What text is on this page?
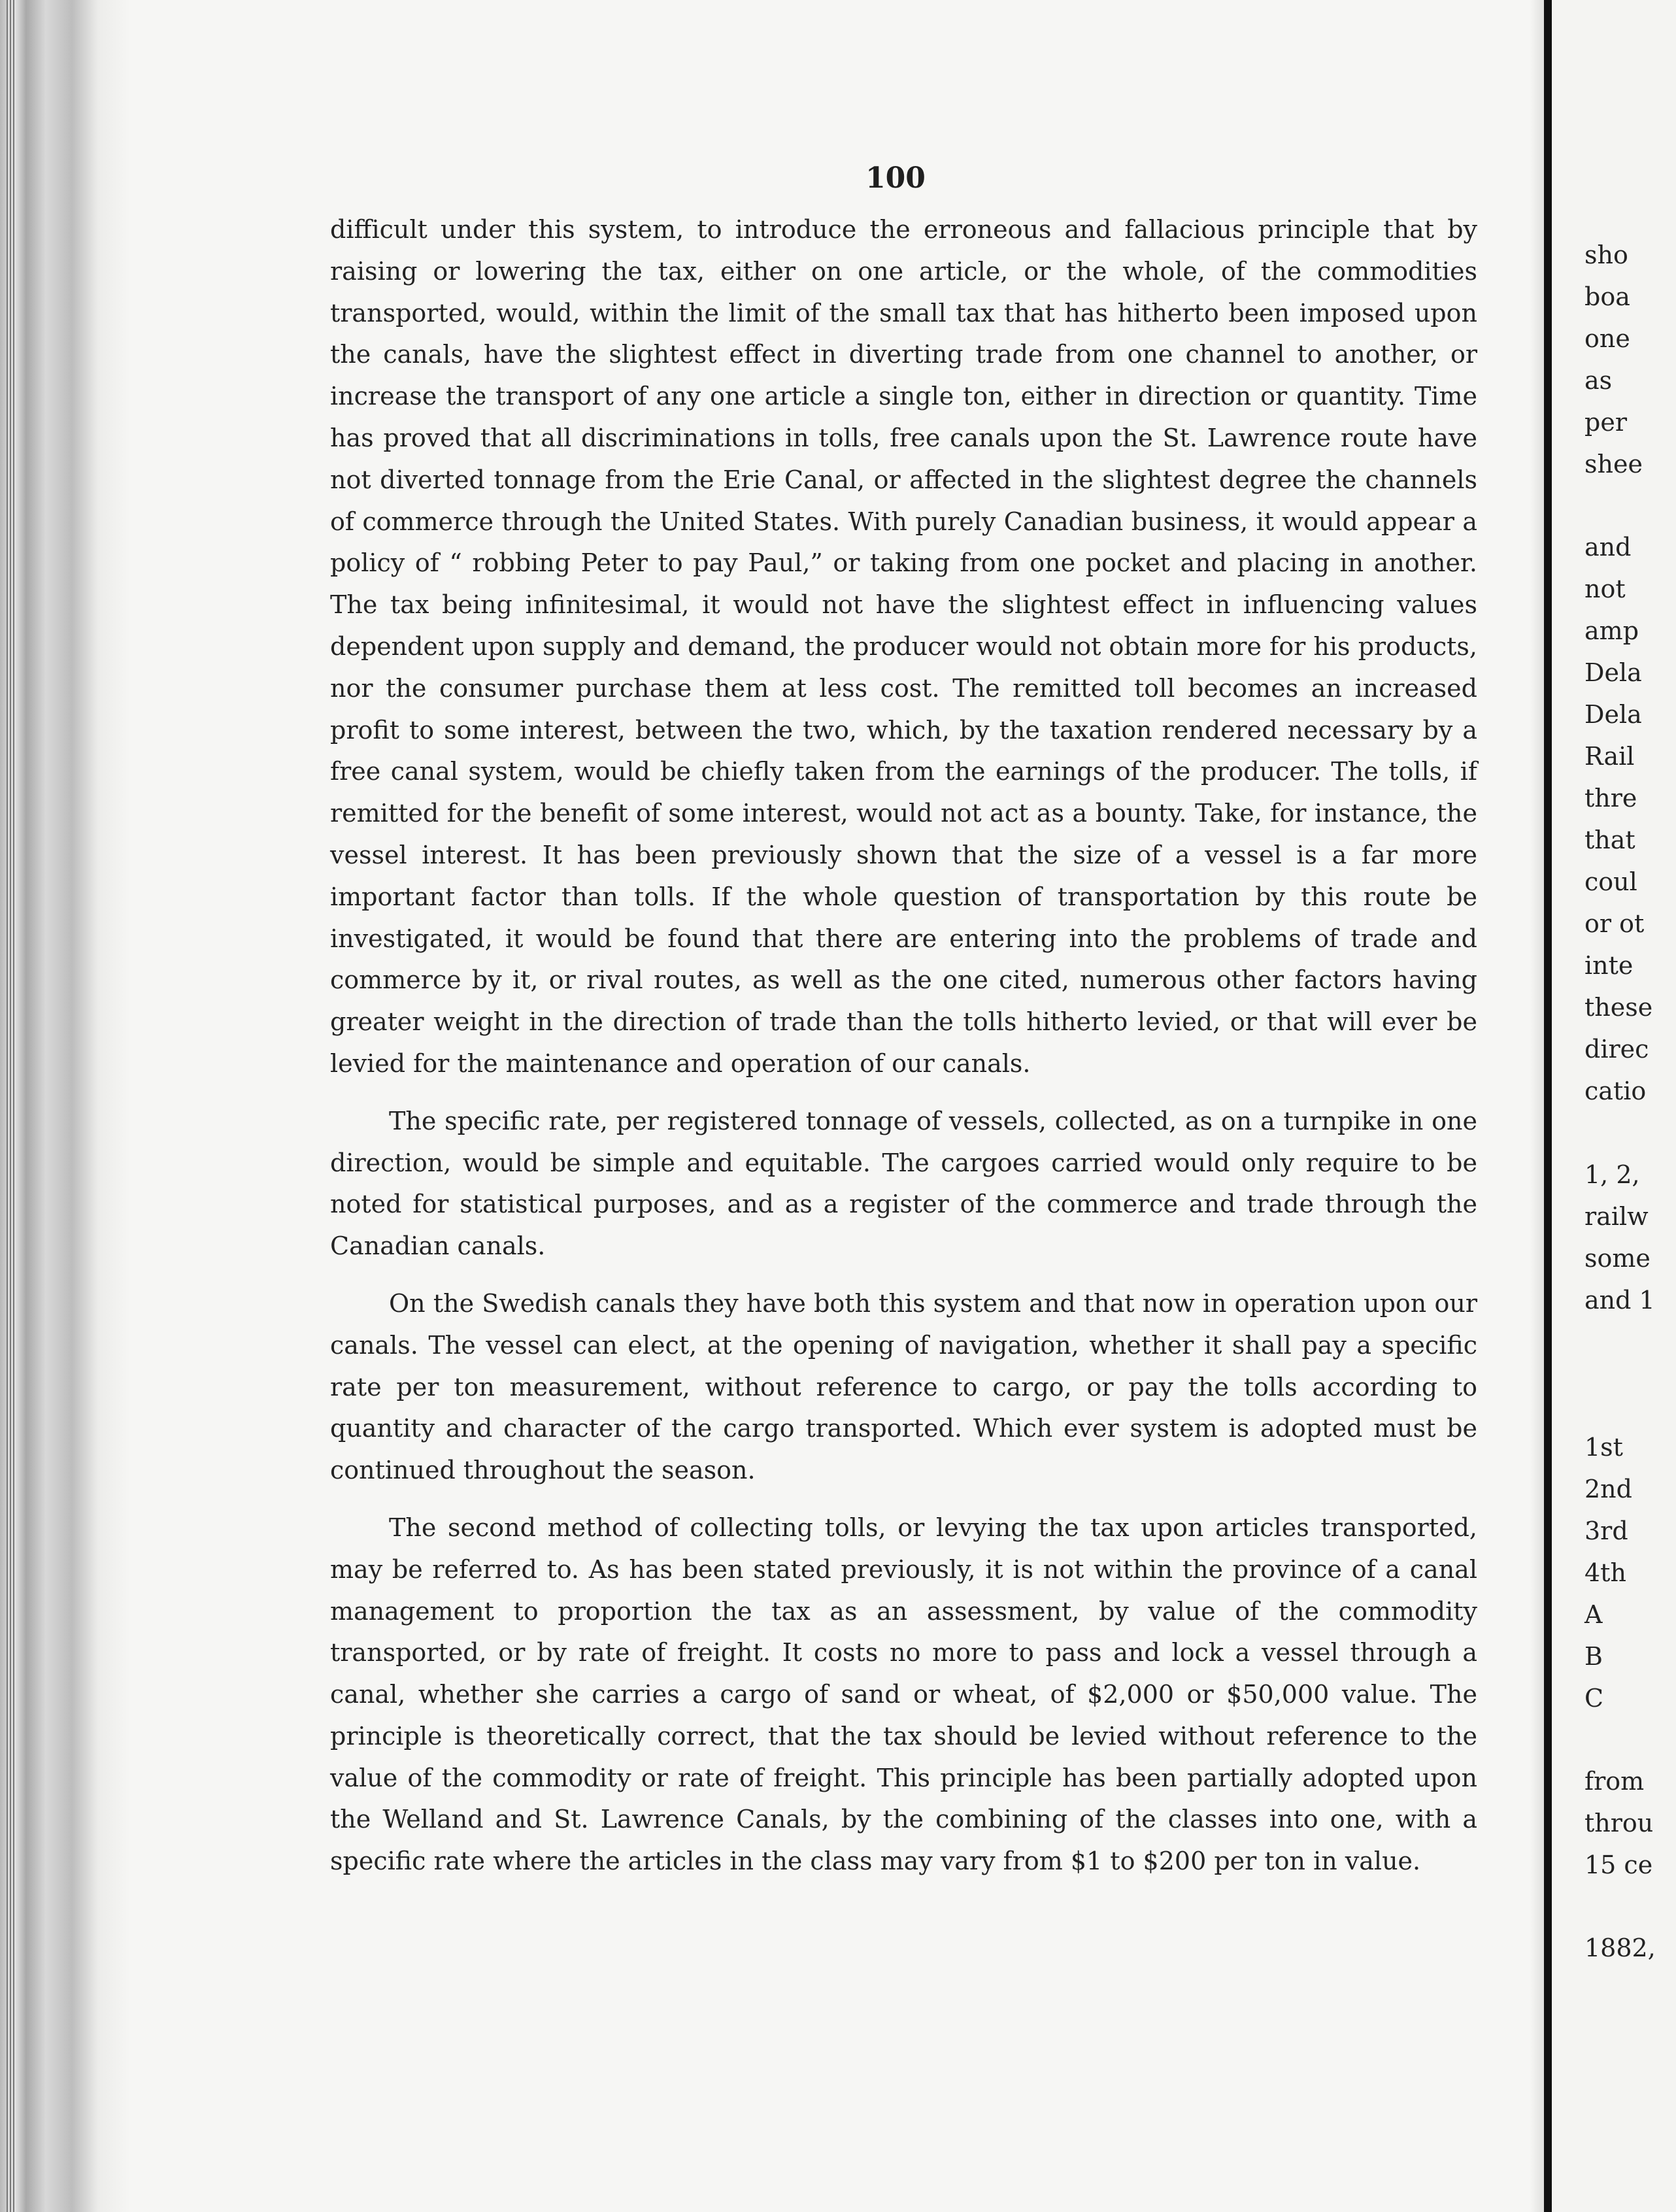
100

difficult under this system, to introduce the erroneous and fallacious principle that by raising or lowering the tax, either on one article, or the whole, of the commodities transported, would, within the limit of the small tax that has hitherto been imposed upon the canals, have the slightest effect in diverting trade from one channel to another, or increase the transport of any one article a single ton, either in direction or quantity. Time has proved that all discriminations in tolls, free canals upon the St. Lawrence route have not diverted tonnage from the Erie Canal, or affected in the slightest degree the channels of commerce through the United States. With purely Canadian business, it would appear a policy of “ robbing Peter to pay Paul,” or taking from one pocket and placing in another. The tax being infinitesimal, it would not have the slightest effect in influencing values dependent upon supply and demand, the producer would not obtain more for his products, nor the consumer purchase them at less cost. The remitted toll becomes an increased profit to some interest, between the two, which, by the taxation rendered necessary by a free canal system, would be chiefly taken from the earnings of the producer. The tolls, if remitted for the benefit of some interest, would not act as a bounty. Take, for instance, the vessel interest. It has been previously shown that the size of a vessel is a far more important factor than tolls. If the whole question of transportation by this route be investigated, it would be found that there are entering into the problems of trade and commerce by it, or rival routes, as well as the one cited, numerous other factors having greater weight in the direction of trade than the tolls hitherto levied, or that will ever be levied for the maintenance and operation of our canals.

The specific rate, per registered tonnage of vessels, collected, as on a turnpike in one direction, would be simple and equitable. The cargoes carried would only require to be noted for statistical purposes, and as a register of the commerce and trade through the Canadian canals.

On the Swedish canals they have both this system and that now in operation upon our canals. The vessel can elect, at the opening of navigation, whether it shall pay a specific rate per ton measurement, without reference to cargo, or pay the tolls according to quantity and character of the cargo transported. Which ever system is adopted must be continued throughout the season.

The second method of collecting tolls, or levying the tax upon articles transported, may be referred to. As has been stated previously, it is not within the province of a canal management to proportion the tax as an assessment, by value of the commodity transported, or by rate of freight. It costs no more to pass and lock a vessel through a canal, whether she carries a cargo of sand or wheat, of $2,000 or $50,000 value. The principle is theoretically correct, that the tax should be levied without reference to the value of the commodity or rate of freight. This principle has been partially adopted upon the Welland and St. Lawrence Canals, by the combining of the classes into one, with a specific rate where the articles in the class may vary from $1 to $200 per ton in value.

sho
boa
one
as
per
shee
and
not
amp
Dela
Dela
Rail
thre
that
coul
or ot
inte
these
direc
catio
1, 2,
railw
some
and 1
1st
2nd
3rd
4th
A
B
C
from
throu
15 ce
1882,
